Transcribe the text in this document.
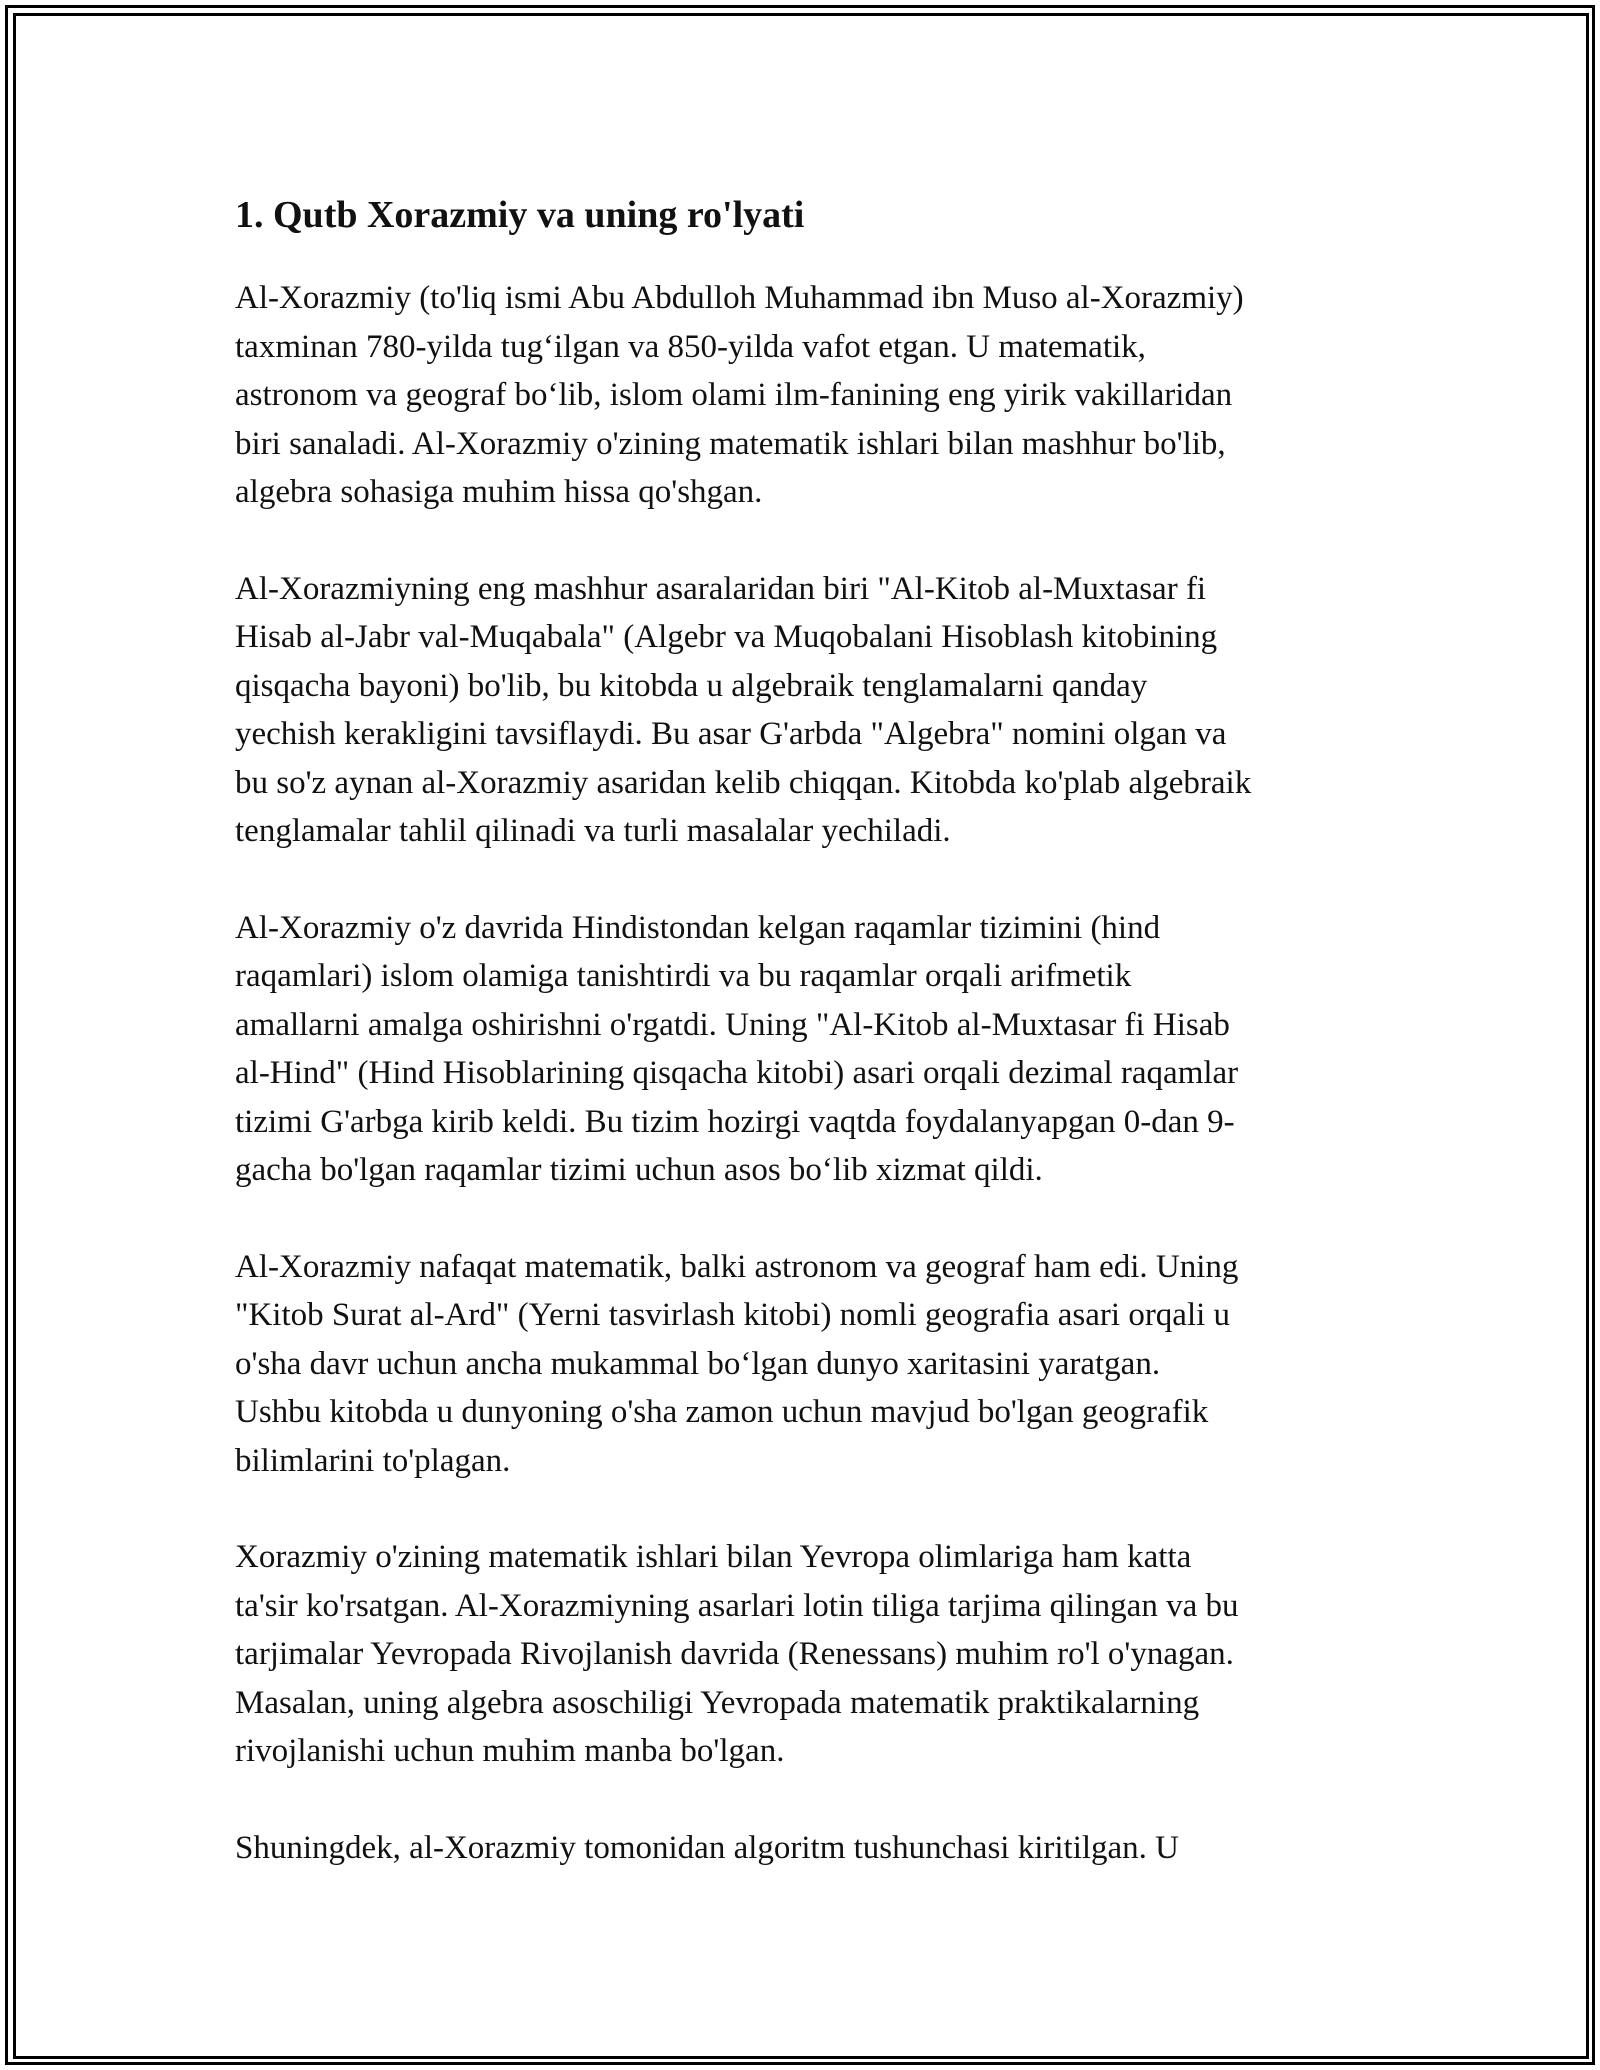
1. Qutb Xorazmiy va uning ro'lyati

Al-Xorazmiy (to'liq ismi Abu Abdulloh Muhammad ibn Muso al-Xorazmiy)
taxminan 780-yilda tug‘ilgan va 850-yilda vafot etgan. U matematik,
astronom va geograf bo‘lib, islom olami ilm-fanining eng yirik vakillaridan
biri sanaladi. Al-Xorazmiy o'zining matematik ishlari bilan mashhur bo'lib,
algebra sohasiga muhim hissa qo'shgan.

Al-Xorazmiyning eng mashhur asaralaridan biri "Al-Kitob al-Muxtasar fi
Hisab al-Jabr val-Muqabala" (Algebr va Muqobalani Hisoblash kitobining
qisqacha bayoni) bo'lib, bu kitobda u algebraik tenglamalarni qanday
yechish kerakligini tavsiflaydi. Bu asar G'arbda "Algebra" nomini olgan va
bu so'z aynan al-Xorazmiy asaridan kelib chiqqan. Kitobda ko'plab algebraik
tenglamalar tahlil qilinadi va turli masalalar yechiladi.

Al-Xorazmiy o'z davrida Hindistondan kelgan raqamlar tizimini (hind
raqamlari) islom olamiga tanishtirdi va bu raqamlar orqali arifmetik
amallarni amalga oshirishni o'rgatdi. Uning "Al-Kitob al-Muxtasar fi Hisab
al-Hind" (Hind Hisoblarining qisqacha kitobi) asari orqali dezimal raqamlar
tizimi G'arbga kirib keldi. Bu tizim hozirgi vaqtda foydalanyapgan 0-dan 9-
gacha bo'lgan raqamlar tizimi uchun asos bo‘lib xizmat qildi.

Al-Xorazmiy nafaqat matematik, balki astronom va geograf ham edi. Uning
"Kitob Surat al-Ard" (Yerni tasvirlash kitobi) nomli geografia asari orqali u
o'sha davr uchun ancha mukammal bo‘lgan dunyo xaritasini yaratgan.
Ushbu kitobda u dunyoning o'sha zamon uchun mavjud bo'lgan geografik
bilimlarini to'plagan.

Xorazmiy o'zining matematik ishlari bilan Yevropa olimlariga ham katta
ta'sir ko'rsatgan. Al-Xorazmiyning asarlari lotin tiliga tarjima qilingan va bu
tarjimalar Yevropada Rivojlanish davrida (Renessans) muhim ro'l o'ynagan.
Masalan, uning algebra asoschiligi Yevropada matematik praktikalarning
rivojlanishi uchun muhim manba bo'lgan.

Shuningdek, al-Xorazmiy tomonidan algoritm tushunchasi kiritilgan. U
